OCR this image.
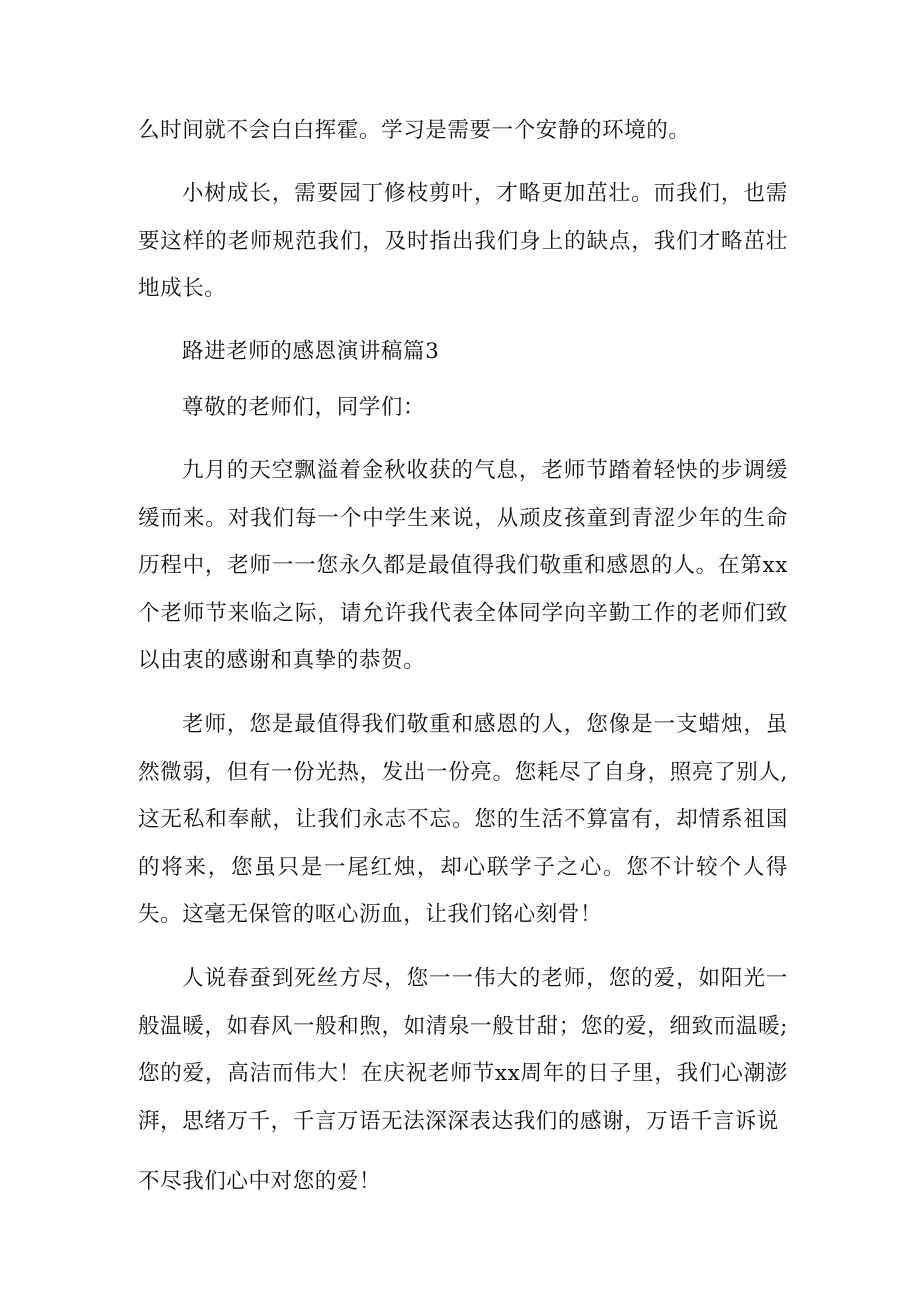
么时间就不会白白挥霍。学习是需要一个安静的环境的。

小树成长，需要园丁修枝剪叶，才略更加茁壮。而我们，也需要这样的老师规范我们，及时指出我们身上的缺点，我们才略茁壮地成长。

路进老师的感恩演讲稿篇3

尊敬的老师们，同学们：

九月的天空飘溢着金秋收获的气息，老师节踏着轻快的步调缓缓而来。对我们每一个中学生来说，从顽皮孩童到青涩少年的生命历程中，老师一一您永久都是最值得我们敬重和感恩的人。在第xx个老师节来临之际，请允许我代表全体同学向辛勤工作的老师们致以由衷的感谢和真挚的恭贺。

老师，您是最值得我们敬重和感恩的人，您像是一支蜡烛，虽然微弱，但有一份光热，发出一份亮。您耗尽了自身，照亮了别人,这无私和奉献，让我们永志不忘。您的生活不算富有，却情系祖国的将来，您虽只是一尾红烛，却心联学子之心。您不计较个人得失。这毫无保管的呕心沥血，让我们铭心刻骨！

人说春蚕到死丝方尽，您一一伟大的老师，您的爱，如阳光一般温暖，如春风一般和煦，如清泉一般甘甜；您的爱，细致而温暖;您的爱，高洁而伟大！在庆祝老师节xx周年的日子里，我们心潮澎湃，思绪万千，千言万语无法深深表达我们的感谢，万语千言诉说

不尽我们心中对您的爱！
